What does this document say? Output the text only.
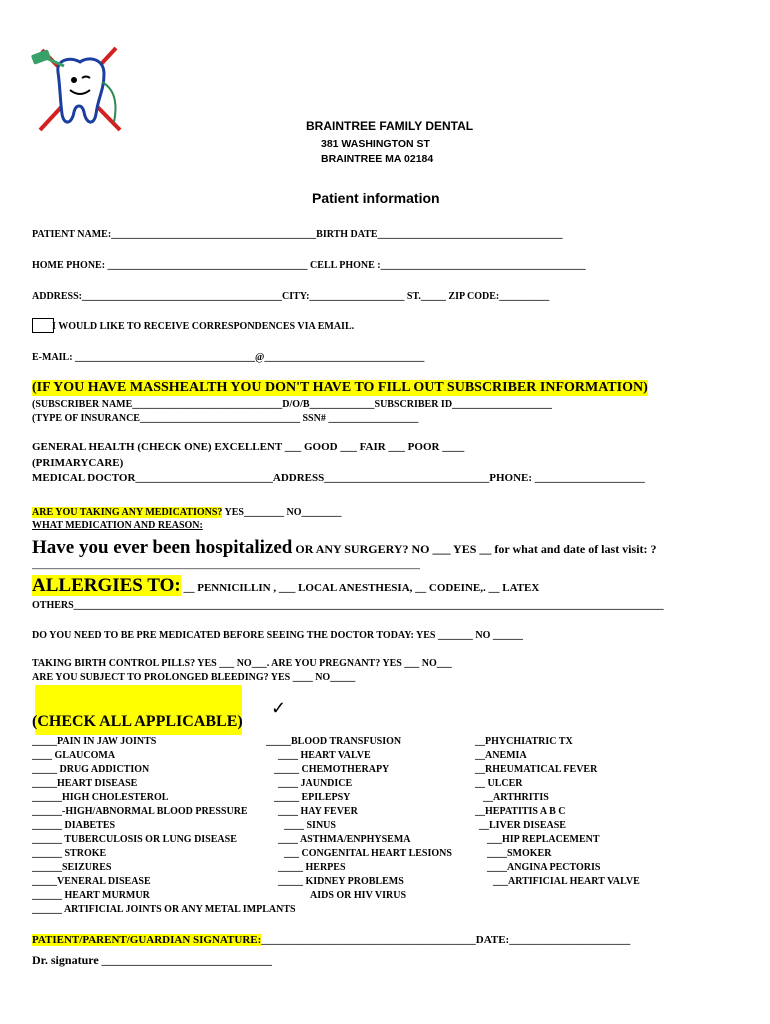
BRAINTREE FAMILY DENTAL
381 WASHINGTON ST
BRAINTREE MA 02184
Patient information
PATIENT NAME:_________________________________________BIRTH DATE_____________________________________
HOME PHONE: ________________________________________ CELL PHONE :_________________________________________
ADDRESS:________________________________________CITY:___________________ ST._____ ZIP CODE:__________
I WOULD LIKE TO RECEIVE CORRESPONDENCES VIA EMAIL.
E-MAIL: ____________________________________@________________________________
(IF YOU HAVE MASSHEALTH YOU DON'T HAVE TO FILL OUT SUBSCRIBER INFORMATION)
(SUBSCRIBER NAME______________________________D/O/B_____________SUBSCRIBER ID____________________
(TYPE OF INSURANCE________________________________ SSN# __________________
GENERAL HEALTH (CHECK ONE) EXCELLENT ___ GOOD ___ FAIR ___ POOR ____
(PRIMARYCARE)
MEDICAL DOCTOR_________________________ADDRESS______________________________PHONE: ____________________
ARE YOU TAKING ANY MEDICATIONS? YES________ NO________
WHAT MEDICATION AND REASON:
Have you ever been hospitalized OR ANY SURGERY? NO ___ YES __ for what and date of last visit: ?
_________________________________________________________________________________________________
ALLERGIES TO: __ PENNICILLIN , ___ LOCAL ANESTHESIA, __ CODEINE,. __ LATEX
OTHERS______________________________________________________________________________________________________________________
DO YOU NEED TO BE PRE MEDICATED BEFORE SEEING THE DOCTOR TODAY: YES _______ NO ______
TAKING BIRTH CONTROL PILLS? YES ___ NO___. ARE YOU PREGNANT? YES ___ NO___
ARE YOU SUBJECT TO PROLONGED BLEEDING? YES ____ NO_____
✓
(CHECK ALL APPLICABLE)
_____PAIN IN JAW JOINTS
____ GLAUCOMA
_____ DRUG ADDICTION
_____HEART DISEASE
______HIGH CHOLESTEROL
______-HIGH/ABNORMAL BLOOD PRESSURE
______ DIABETES
______ TUBERCULOSIS OR LUNG DISEASE
______ STROKE
______SEIZURES
_____VENERAL DISEASE
______ HEART MURMUR
______ ARTIFICIAL JOINTS OR ANY METAL IMPLANTS
_____BLOOD TRANSFUSION
____ HEART VALVE
_____ CHEMOTHERAPY
____ JAUNDICE
_____ EPILEPSY
____ HAY FEVER
____ SINUS
____ ASTHMA/ENPHYSEMA
___ CONGENITAL HEART LESIONS
_____ HERPES
_____ KIDNEY PROBLEMS
AIDS OR HIV VIRUS
__PHYCHIATRIC TX
__ANEMIA
__RHEUMATICAL FEVER
__ ULCER
__ARTHRITIS
__HEPATITIS A B C
__LIVER DISEASE
___HIP REPLACEMENT
____SMOKER
____ANGINA PECTORIS
___ARTIFICIAL HEART VALVE
PATIENT/PARENT/GUARDIAN SIGNATURE:_______________________________________DATE:______________________
Dr. signature _______________________________
